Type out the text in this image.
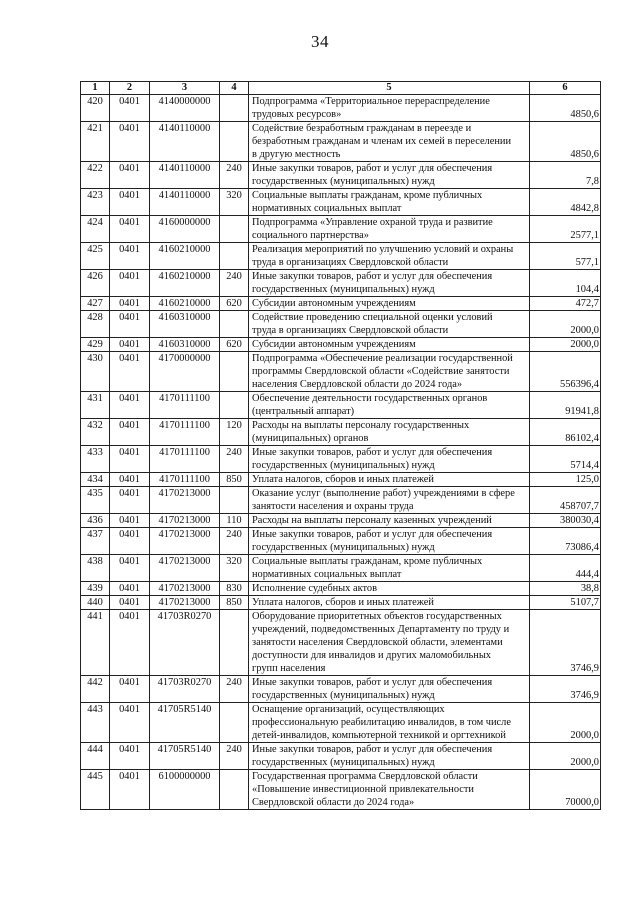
34
1	2	3	4	5	6
420	0401	4140000000		Подпрограмма «Территориальное перераспределение
трудовых ресурсов»	4850,6
421	0401	4140110000		Содействие безработным гражданам в переезде и
безработным гражданам и членам их семей в переселении
в другую местность	4850,6
422	0401	4140110000	240	Иные закупки товаров, работ и услуг для обеспечения
государственных (муниципальных) нужд	7,8
423	0401	4140110000	320	Социальные выплаты гражданам, кроме публичных
нормативных социальных выплат	4842,8
424	0401	4160000000		Подпрограмма «Управление охраной труда и развитие
социального партнерства»	2577,1
425	0401	4160210000		Реализация мероприятий по улучшению условий и охраны
труда в организациях Свердловской области	577,1
426	0401	4160210000	240	Иные закупки товаров, работ и услуг для обеспечения
государственных (муниципальных) нужд	104,4
427	0401	4160210000	620	Субсидии автономным учреждениям	472,7
428	0401	4160310000		Содействие проведению специальной оценки условий
труда в организациях Свердловской области	2000,0
429	0401	4160310000	620	Субсидии автономным учреждениям	2000,0
430	0401	4170000000		Подпрограмма «Обеспечение реализации государственной
программы Свердловской области «Содействие занятости
населения Свердловской области до 2024 года»	556396,4
431	0401	4170111100		Обеспечение деятельности государственных органов
(центральный аппарат)	91941,8
432	0401	4170111100	120	Расходы на выплаты персоналу государственных
(муниципальных) органов	86102,4
433	0401	4170111100	240	Иные закупки товаров, работ и услуг для обеспечения
государственных (муниципальных) нужд	5714,4
434	0401	4170111100	850	Уплата налогов, сборов и иных платежей	125,0
435	0401	4170213000		Оказание услуг (выполнение работ) учреждениями в сфере
занятости населения и охраны труда	458707,7
436	0401	4170213000	110	Расходы на выплаты персоналу казенных учреждений	380030,4
437	0401	4170213000	240	Иные закупки товаров, работ и услуг для обеспечения
государственных (муниципальных) нужд	73086,4
438	0401	4170213000	320	Социальные выплаты гражданам, кроме публичных
нормативных социальных выплат	444,4
439	0401	4170213000	830	Исполнение судебных актов	38,8
440	0401	4170213000	850	Уплата налогов, сборов и иных платежей	5107,7
441	0401	41703R0270		Оборудование приоритетных объектов государственных
учреждений, подведомственных Департаменту по труду и
занятости населения Свердловской области, элементами
доступности для инвалидов и других маломобильных
групп населения	3746,9
442	0401	41703R0270	240	Иные закупки товаров, работ и услуг для обеспечения
государственных (муниципальных) нужд	3746,9
443	0401	41705R5140		Оснащение организаций, осуществляющих
профессиональную реабилитацию инвалидов, в том числе
детей-инвалидов, компьютерной техникой и оргтехникой	2000,0
444	0401	41705R5140	240	Иные закупки товаров, работ и услуг для обеспечения
государственных (муниципальных) нужд	2000,0
445	0401	6100000000		Государственная программа Свердловской области
«Повышение инвестиционной привлекательности
Свердловской области до 2024 года»	70000,0
